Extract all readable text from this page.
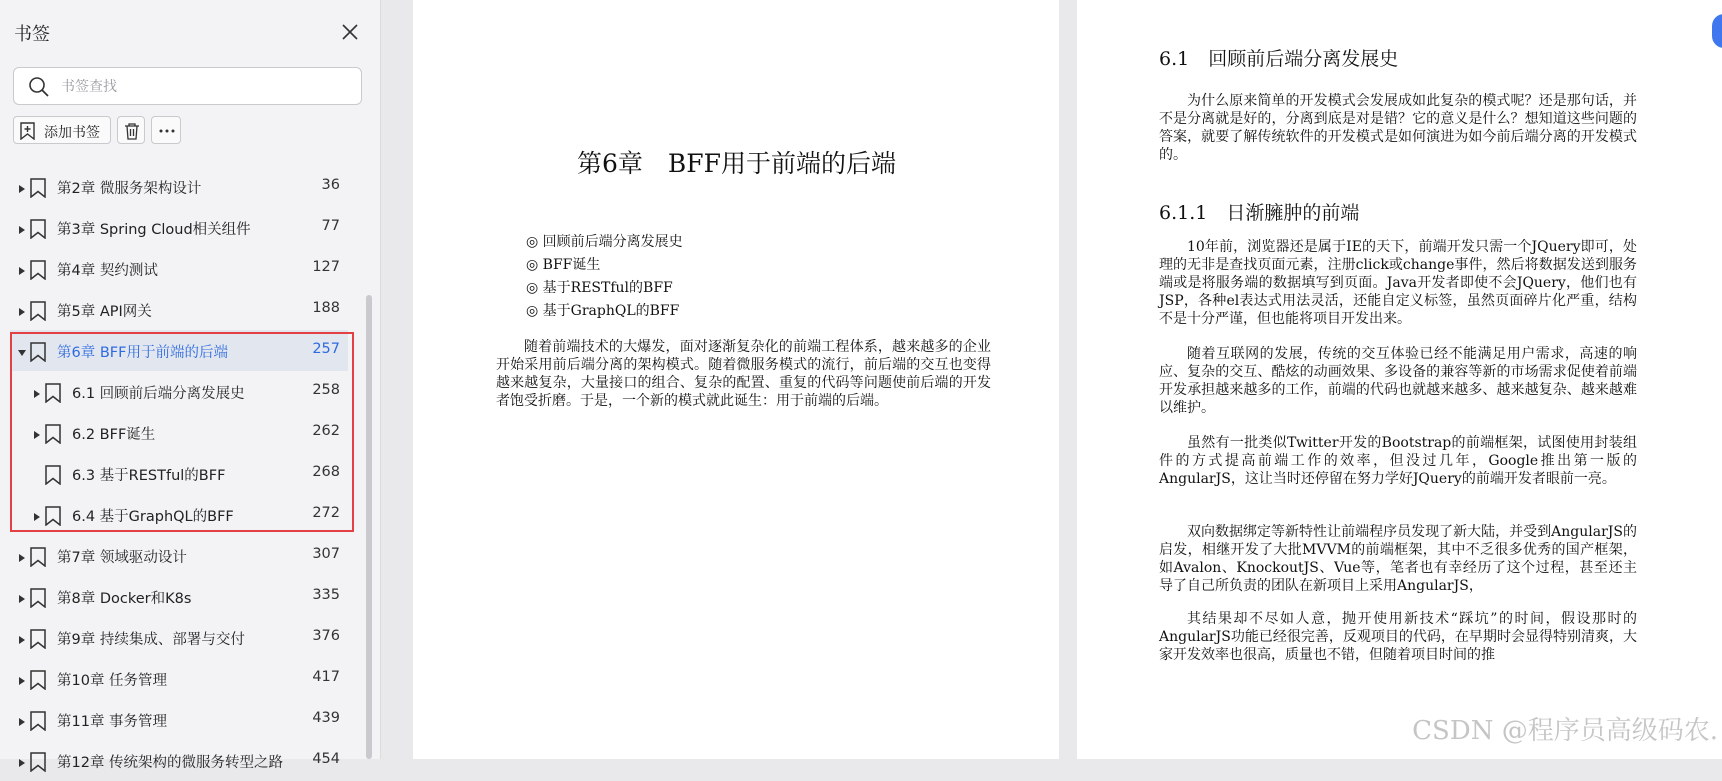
书签
书签查找
添加书签
第2章 微服务架构设计	36
第3章 Spring Cloud相关组件	77
第4章 契约测试	127
第5章 API网关	188
第6章 BFF用于前端的后端	257
6.1 回顾前后端分离发展史	258
6.2 BFF诞生	262
6.3 基于RESTful的BFF	268
6.4 基于GraphQL的BFF	272
第7章 领域驱动设计	307
第8章 Docker和K8s	335
第9章 持续集成、部署与交付	376
第10章 任务管理	417
第11章 事务管理	439
第12章 传统架构的微服务转型之路 454
第6章　BFF用于前端的后端
◎ 回顾前后端分离发展史
◎ BFF诞生
◎ 基于RESTful的BFF
◎ 基于GraphQL的BFF
随着前端技术的大爆发，面对逐渐复杂化的前端工程体系，越来越多的企业开始采用前后端分离的架构模式。随着微服务模式的流行，前后端的交互也变得越来越复杂，大量接口的组合、复杂的配置、重复的代码等问题使前后端的开发者饱受折磨。于是，一个新的模式就此诞生：用于前端的后端。
6.1　回顾前后端分离发展史
为什么原来简单的开发模式会发展成如此复杂的模式呢？还是那句话，并不是分离就是好的，分离到底是对是错？它的意义是什么？想知道这些问题的答案，就要了解传统软件的开发模式是如何演进为如今前后端分离的开发模式的。
6.1.1　日渐臃肿的前端
10年前，浏览器还是属于IE的天下，前端开发只需一个JQuery即可，处理的无非是查找页面元素，注册click或change事件，然后将数据发送到服务端或是将服务端的数据填写到页面。Java开发者即使不会JQuery，他们也有JSP，各种el表达式用法灵活，还能自定义标签，虽然页面碎片化严重，结构不是十分严谨，但也能将项目开发出来。
随着互联网的发展，传统的交互体验已经不能满足用户需求，高速的响应、复杂的交互、酷炫的动画效果、多设备的兼容等新的市场需求促使着前端开发承担越来越多的工作，前端的代码也就越来越多、越来越复杂、越来越难以维护。
虽然有一批类似Twitter开发的Bootstrap的前端框架，试图使用封装组件的方式提高前端工作的效率，但没过几年，Google推出第一版的AngularJS，这让当时还停留在努力学好JQuery的前端开发者眼前一亮。
双向数据绑定等新特性让前端程序员发现了新大陆，并受到AngularJS的启发，相继开发了大批MVVM的前端框架，其中不乏很多优秀的国产框架，如Avalon、KnockoutJS、Vue等，笔者也有幸经历了这个过程，甚至还主导了自己所负责的团队在新项目上采用AngularJS，
其结果却不尽如人意，抛开使用新技术“踩坑”的时间，假设那时的AngularJS功能已经很完善，反观项目的代码，在早期时会显得特别清爽，大家开发效率也很高，质量也不错，但随着项目时间的推
CSDN @程序员高级码农.
